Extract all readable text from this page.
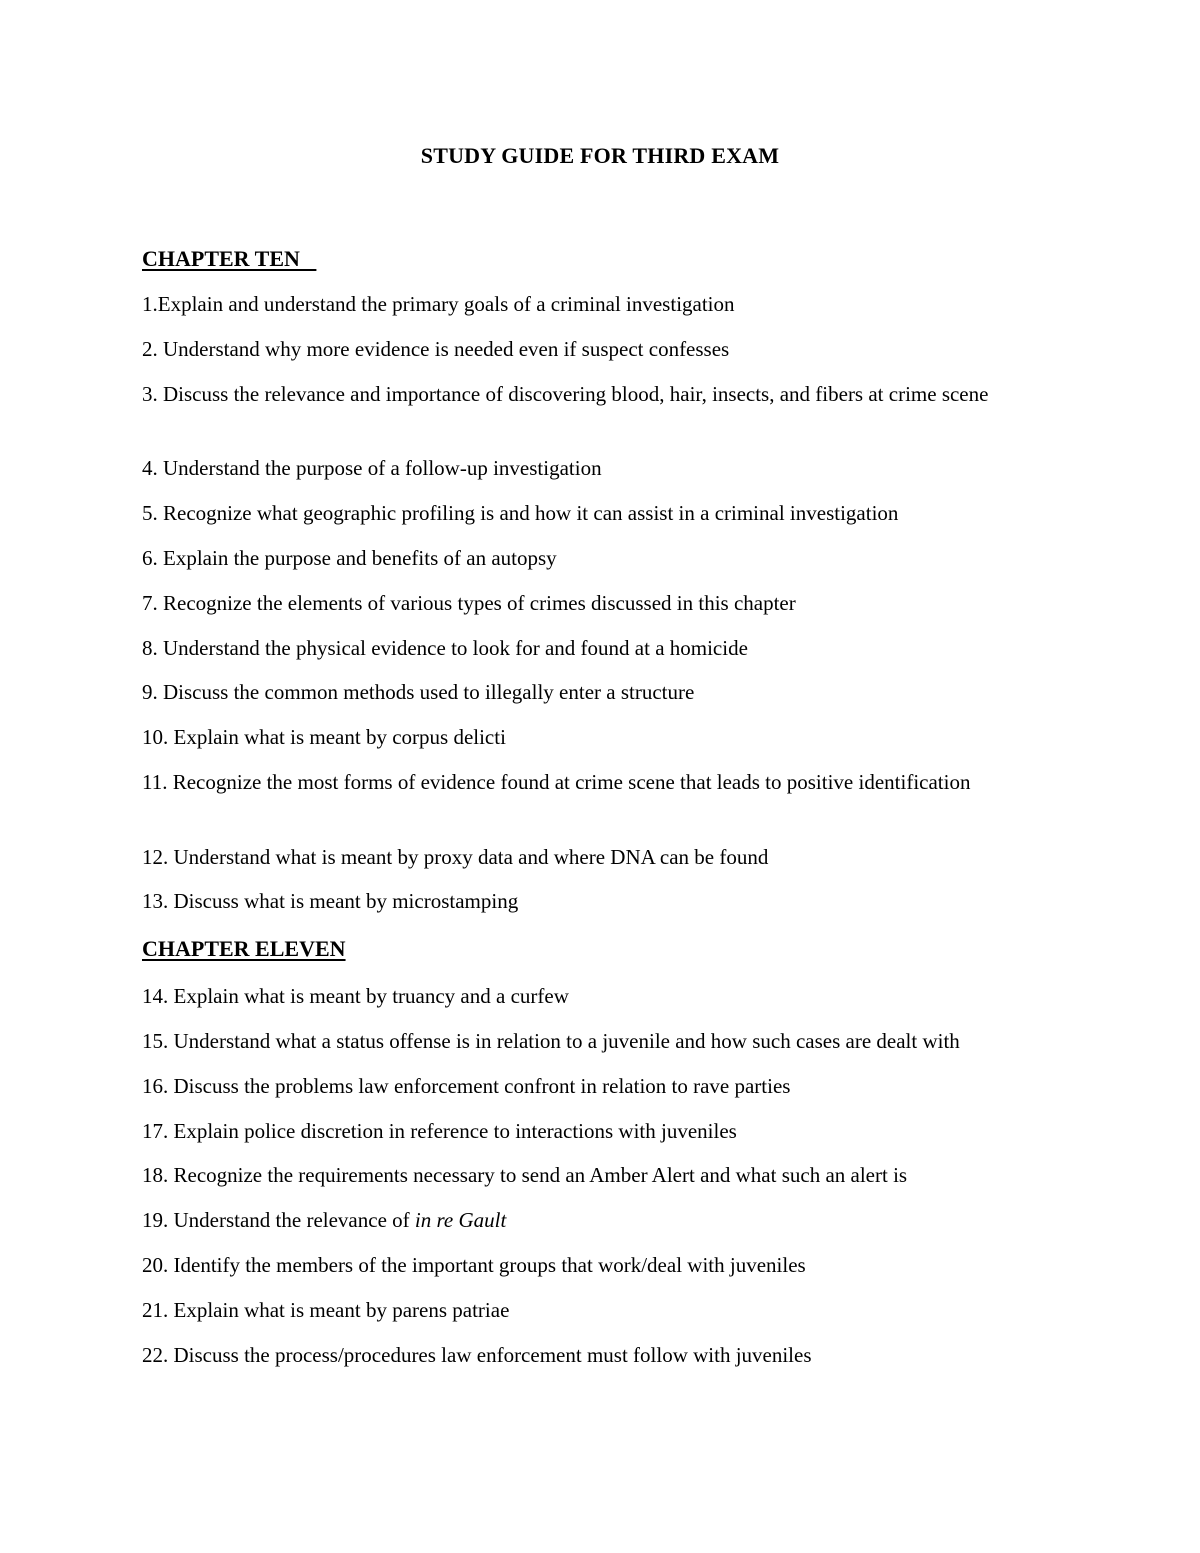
STUDY GUIDE FOR THIRD EXAM
CHAPTER TEN
1.Explain and understand the primary goals of a criminal investigation
2. Understand why more evidence is needed even if suspect confesses
3. Discuss the relevance and importance of discovering blood, hair, insects, and fibers at crime scene
4. Understand the purpose of a follow-up investigation
5. Recognize what geographic profiling is and how it can assist in a criminal investigation
6. Explain the purpose and benefits of an autopsy
7. Recognize the elements of various types of crimes discussed in this chapter
8. Understand the physical evidence to look for and found at a homicide
9. Discuss the common methods used to illegally enter a structure
10. Explain what is meant by corpus delicti
11. Recognize the most forms of evidence found at crime scene that leads to positive identification
12. Understand what is meant by proxy data and where DNA can be found
13. Discuss what is meant by microstamping
CHAPTER ELEVEN
14. Explain what is meant by truancy and a curfew
15. Understand what a status offense is in relation to a juvenile and how such cases are dealt with
16. Discuss the problems law enforcement confront in relation to rave parties
17. Explain police discretion in reference to interactions with juveniles
18. Recognize the requirements necessary to send an Amber Alert and what such an alert is
19. Understand the relevance of in re Gault
20. Identify the members of the important groups that work/deal with juveniles
21. Explain what is meant by parens patriae
22. Discuss the process/procedures law enforcement must follow with juveniles
